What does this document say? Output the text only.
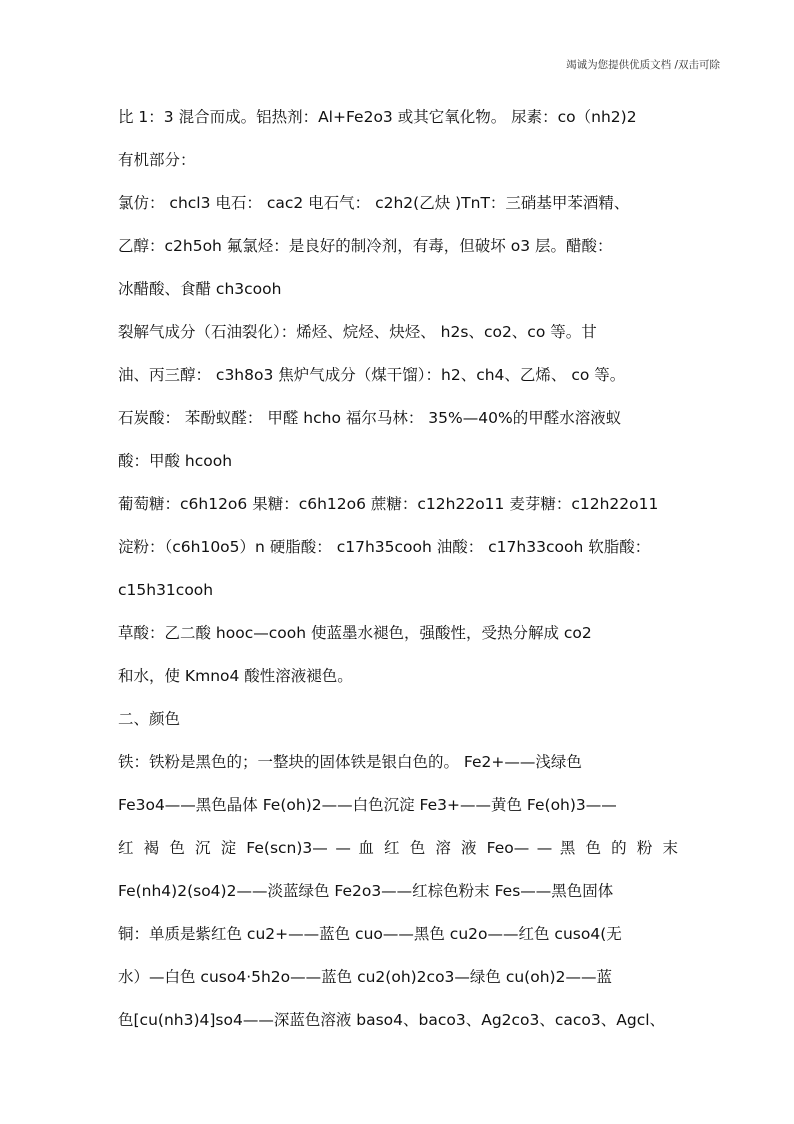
竭诚为您提供优质文档 /双击可除
比 1：3 混合而成。铝热剂：Al+Fe2o3 或其它氧化物。 尿素：co（nh2)2
有机部分：
氯仿： chcl3 电石： cac2 电石气： c2h2(乙炔 )TnT：三硝基甲苯酒精、
乙醇：c2h5oh 氟氯烃：是良好的制冷剂，有毒，但破坏 o3 层。醋酸：
冰醋酸、食醋 ch3cooh
裂解气成分（石油裂化）：烯烃、烷烃、炔烃、 h2s、co2、co 等。甘
油、丙三醇： c3h8o3 焦炉气成分（煤干馏）：h2、ch4、乙烯、 co 等。
石炭酸： 苯酚蚁醛： 甲醛 hcho 福尔马林： 35%—40%的甲醛水溶液蚁
酸：甲酸 hcooh
葡萄糖：c6h12o6 果糖：c6h12o6 蔗糖：c12h22o11 麦芽糖：c12h22o11
淀粉：（c6h10o5）n 硬脂酸： c17h35cooh 油酸： c17h33cooh 软脂酸：
c15h31cooh
草酸：乙二酸 hooc—cooh 使蓝墨水褪色，强酸性，受热分解成 co2
和水，使 Kmno4 酸性溶液褪色。
二、颜色
铁：铁粉是黑色的；一整块的固体铁是银白色的。 Fe2+——浅绿色
Fe3o4——黑色晶体 Fe(oh)2——白色沉淀 Fe3+——黄色 Fe(oh)3——
红 褐 色 沉 淀 Fe(scn)3— — 血 红 色 溶 液 Feo— — 黑 色 的 粉 末
Fe(nh4)2(so4)2——淡蓝绿色 Fe2o3——红棕色粉末 Fes——黑色固体
铜：单质是紫红色 cu2+——蓝色 cuo——黑色 cu2o——红色 cuso4(无
水）—白色 cuso4·5h2o——蓝色 cu2(oh)2co3—绿色 cu(oh)2——蓝
色[cu(nh3)4]so4——深蓝色溶液 baso4、baco3、Ag2co3、caco3、Agcl、
